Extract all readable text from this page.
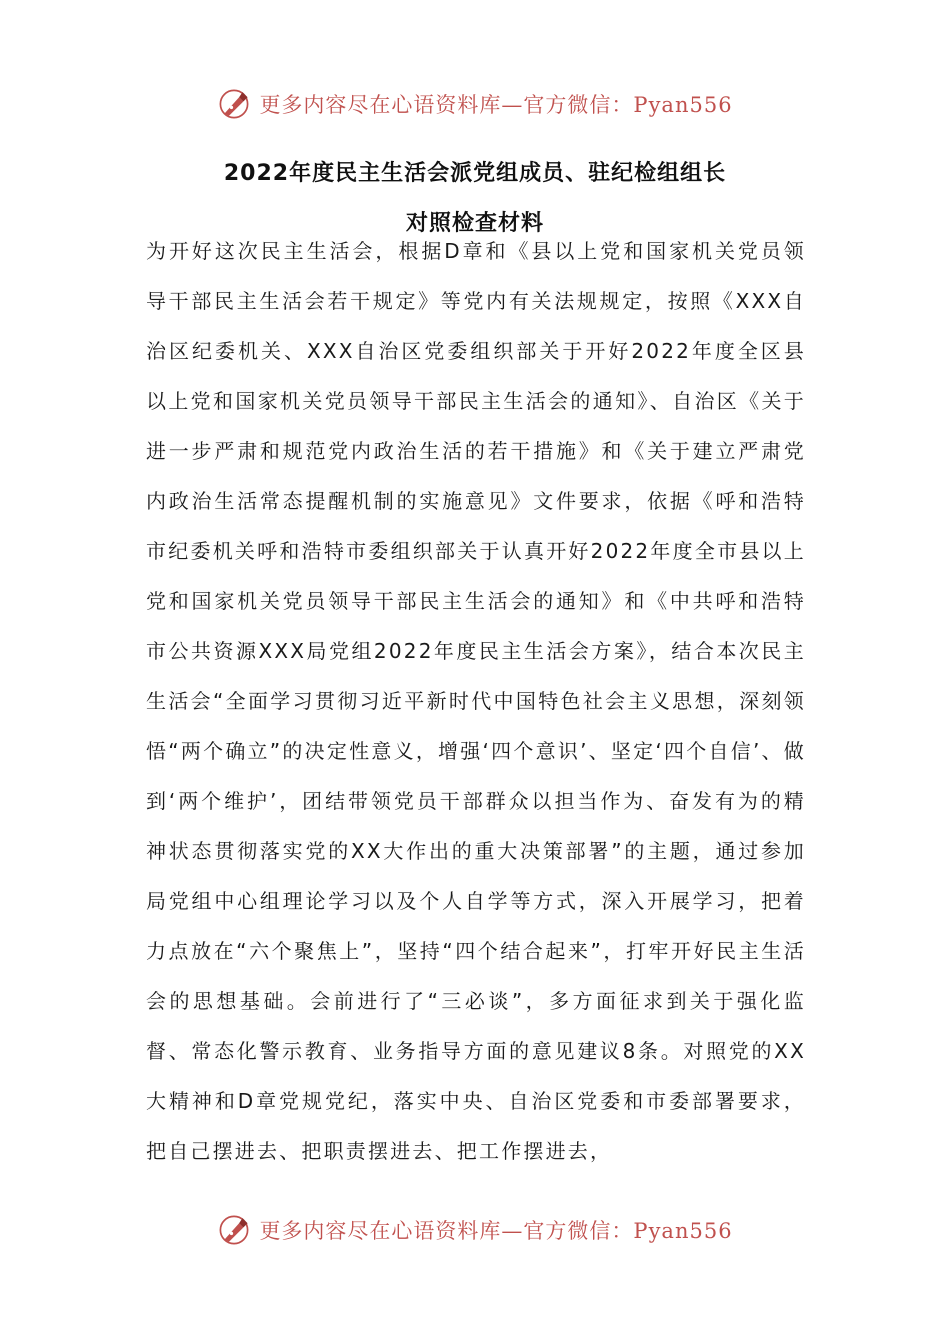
更多内容尽在心语资料库—官方微信：Pyan556
2022年度民主生活会派党组成员、驻纪检组组长
对照检查材料

为开好这次民主生活会，根据D章和《县以上党和国家机关党员领导干部民主生活会若干规定》等党内有关法规规定，按照《XXX自治区纪委机关、XXX自治区党委组织部关于开好2022年度全区县以上党和国家机关党员领导干部民主生活会的通知》、自治区《关于进一步严肃和规范党内政治生活的若干措施》和《关于建立严肃党内政治生活常态提醒机制的实施意见》文件要求，依据《呼和浩特市纪委机关呼和浩特市委组织部关于认真开好2022年度全市县以上党和国家机关党员领导干部民主生活会的通知》和《中共呼和浩特市公共资源XXX局党组2022年度民主生活会方案》，结合本次民主生活会“全面学习贯彻习近平新时代中国特色社会主义思想，深刻领悟“两个确立”的决定性意义，增强‘四个意识’、坚定‘四个自信’、做到‘两个维护’，团结带领党员干部群众以担当作为、奋发有为的精神状态贯彻落实党的XX大作出的重大决策部署”的主题，通过参加局党组中心组理论学习以及个人自学等方式，深入开展学习，把着力点放在“六个聚焦上”，坚持“四个结合起来”，打牢开好民主生活会的思想基础。会前进行了“三必谈”，多方面征求到关于强化监督、常态化警示教育、业务指导方面的意见建议8条。对照党的XX大精神和D章党规党纪，落实中央、自治区党委和市委部署要求，把自己摆进去、把职责摆进去、把工作摆进去，

更多内容尽在心语资料库—官方微信：Pyan556
